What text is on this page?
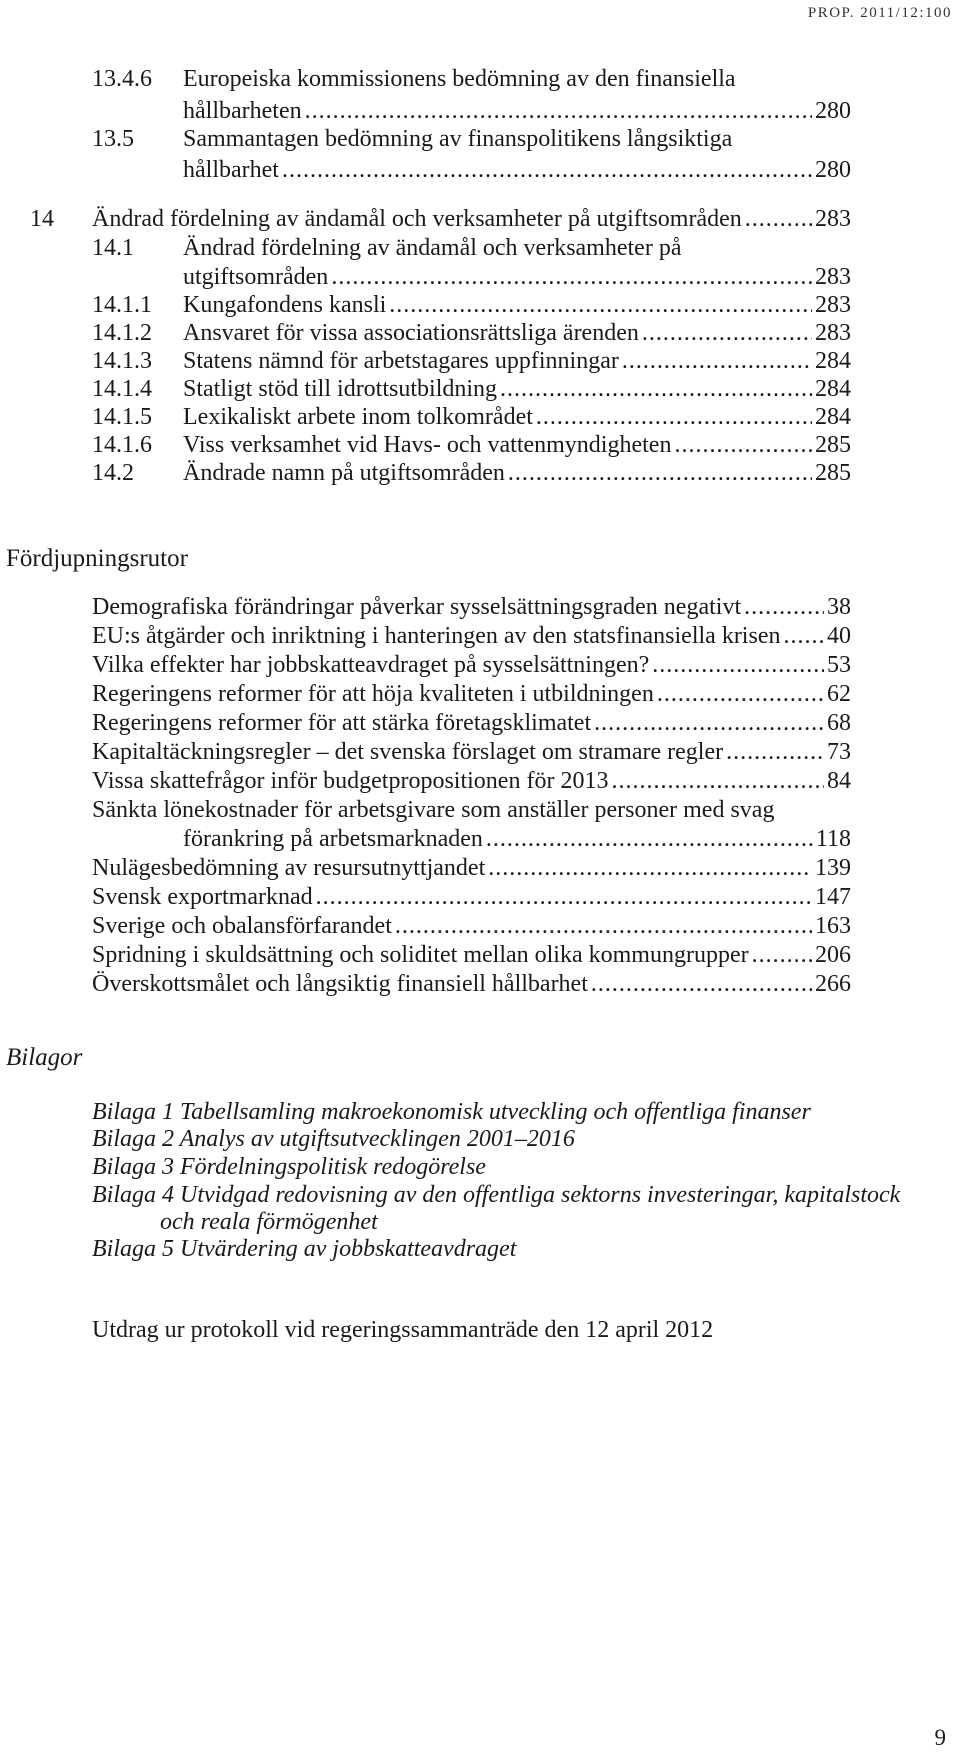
PROP. 2011/12:100
13.4.6 Europeiska kommissionens bedömning av den finansiella
hållbarheten . . .	280
13.5 Sammantagen bedömning av finanspolitikens långsiktiga
hållbarhet . . .	280
14 Ändrad fördelning av ändamål och verksamheter på utgiftsområden . . .	283
14.1 Ändrad fördelning av ändamål och verksamheter på
utgiftsområden . . .	283
14.1.1 Kungafondens kansli . . .	283
14.1.2 Ansvaret för vissa associationsrättsliga ärenden . . .	283
14.1.3 Statens nämnd för arbetstagares uppfinningar . . .	284
14.1.4 Statligt stöd till idrottsutbildning . . .	284
14.1.5 Lexikaliskt arbete inom tolkområdet . . .	284
14.1.6 Viss verksamhet vid Havs- och vattenmyndigheten . . .	285
14.2 Ändrade namn på utgiftsområden . . .	285
Fördjupningsrutor
Demografiska förändringar påverkar sysselsättningsgraden negativt . . .	38
EU:s åtgärder och inriktning i hanteringen av den statsfinansiella krisen . . . 40
Vilka effekter har jobbskatteavdraget på sysselsättningen? . . .	53
Regeringens reformer för att höja kvaliteten i utbildningen . . .	62
Regeringens reformer för att stärka företagsklimatet . . .	68
Kapitaltäckningsregler – det svenska förslaget om stramare regler . . .	73
Vissa skattefrågor inför budgetpropositionen för 2013 . . .	84
Sänkta lönekostnader för arbetsgivare som anställer personer med svag
förankring på arbetsmarknaden . . .	118
Nulägesbedömning av resursutnyttjandet . . .	139
Svensk exportmarknad . . .	147
Sverige och obalansförfarandet . . .	163
Spridning i skuldsättning och soliditet mellan olika kommungrupper . . .	206
Överskottsmålet och långsiktig finansiell hållbarhet . . .	266
Bilagor
Bilaga 1 Tabellsamling makroekonomisk utveckling och offentliga finanser
Bilaga 2 Analys av utgiftsutvecklingen 2001–2016
Bilaga 3 Fördelningspolitisk redogörelse
Bilaga 4 Utvidgad redovisning av den offentliga sektorns investeringar, kapitalstock
och reala förmögenhet
Bilaga 5 Utvärdering av jobbskatteavdraget
Utdrag ur protokoll vid regeringssammanträde den 12 april 2012
9
